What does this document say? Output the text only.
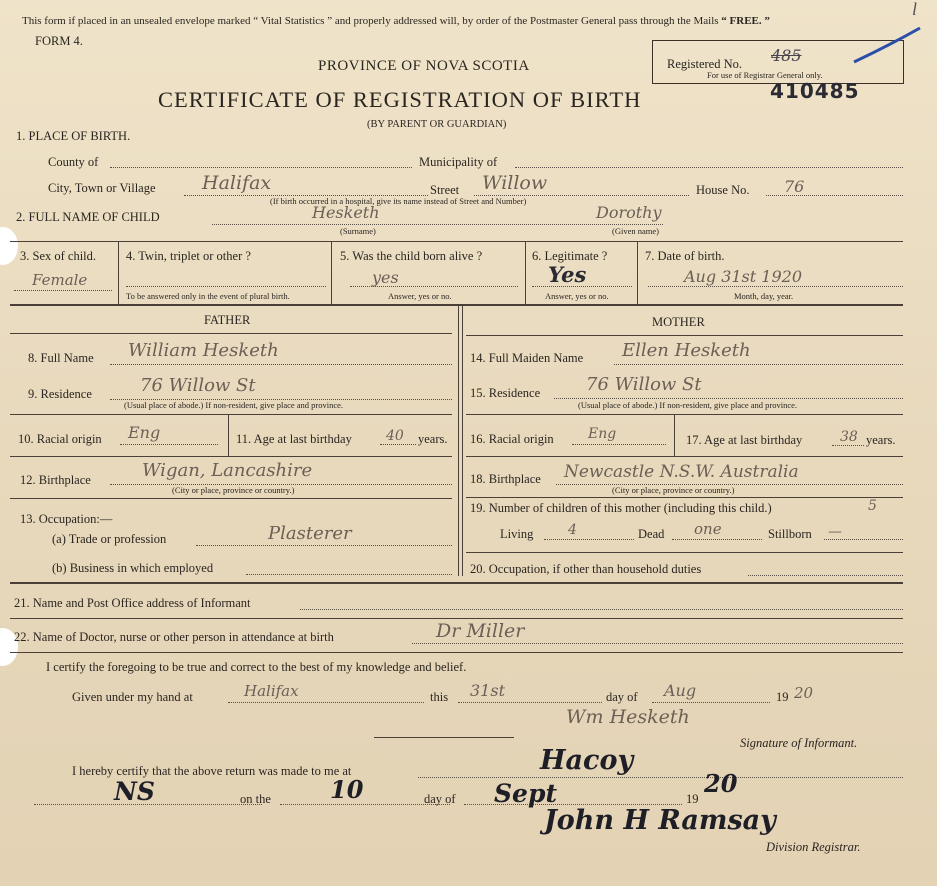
This form if placed in an unsealed envelope marked “ Vital Statistics ” and properly addressed will, by order of the Postmaster General pass through the Mails “ FREE. ”
FORM 4.
l
Registered No. 485
For use of Registrar General only.
410485
PROVINCE OF NOVA SCOTIA
CERTIFICATE OF REGISTRATION OF BIRTH
(BY PARENT OR GUARDIAN)
1. PLACE OF BIRTH.
County of	Municipality of
City, Town or Village Halifax	Street Willow	House No. 76
(If birth occurred in a hospital, give its name instead of Street and Number)
2. FULL NAME OF CHILD	Hesketh	Dorothy
(Surname)	(Given name)
3. Sex of child.
Female
4. Twin, triplet or other ?
To be answered only in the event of plural birth.
5. Was the child born alive ?
yes
Answer, yes or no.
6. Legitimate ?
Yes
Answer, yes or no.
7. Date of birth.
Aug 31st 1920
Month, day, year.
FATHER	MOTHER
8. Full Name William Hesketh
9. Residence	76 Willow St
(Usual place of abode.) If non-resident, give place and province.
10. Racial origin Eng	11. Age at last birthday 40 years.
12. Birthplace	Wigan, Lancashire
(City or place, province or country.)
13. Occupation:—
(a) Trade or profession	Plasterer
(b) Business in which employed
14. Full Maiden Name Ellen Hesketh
15. Residence	76 Willow St
(Usual place of abode.) If non-resident, give place and province.
16. Racial origin Eng	17. Age at last birthday	38 years.
18. Birthplace Newcastle N.S.W. Australia
(City or place, province or country.)
19. Number of children of this mother (including this child.)	5
Living 4	Dead one	Stillborn —
20. Occupation, if other than household duties
21. Name and Post Office address of Informant
22. Name of Doctor, nurse or other person in attendance at birth	Dr Miller
I certify the foregoing to be true and correct to the best of my knowledge and belief.
Given under my hand at	Halifax	this 31st	day of Aug	19 20
Wm Hesketh
Signature of Informant.
I hereby certify that the above return was made to me at	Hacoy
NS	on the 10	day of Sept	19
20
John H Ramsay
Division Registrar.
